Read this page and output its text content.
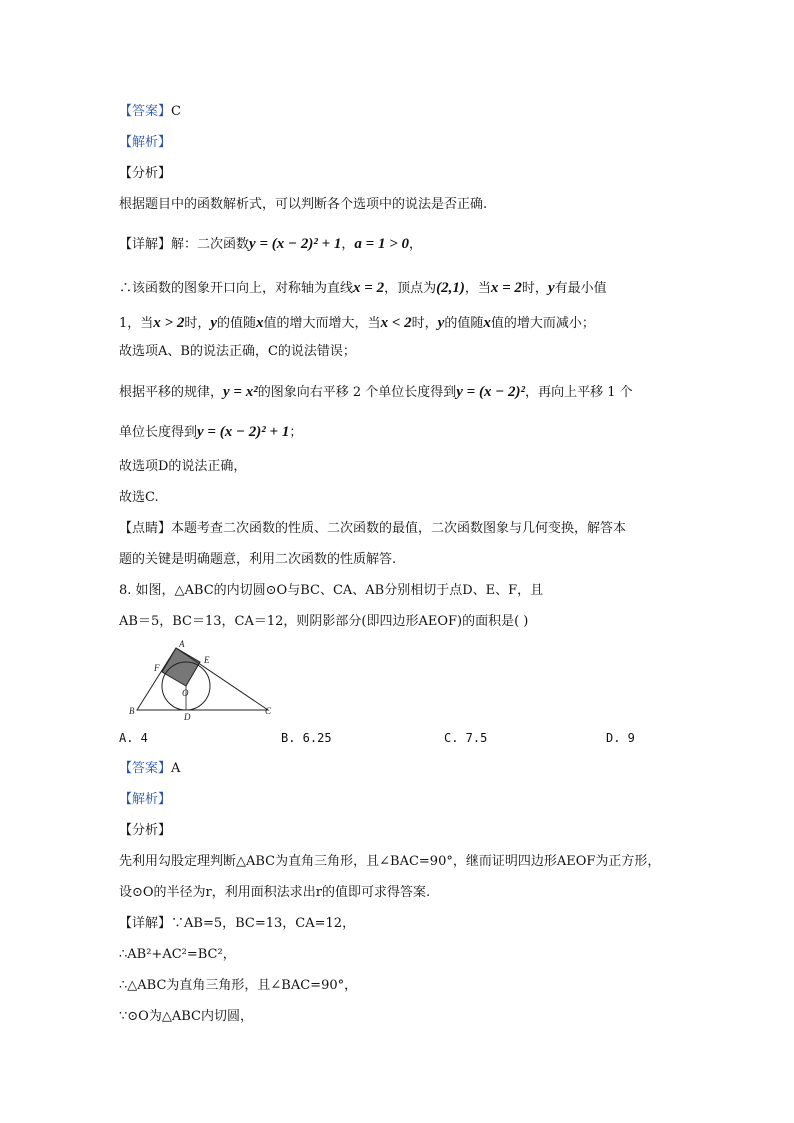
【答案】C
【解析】
【分析】
根据题目中的函数解析式，可以判断各个选项中的说法是否正确.
【详解】解：二次函数y = (x − 2)² + 1，a = 1 > 0，
∴该函数的图象开口向上，对称轴为直线x = 2，顶点为(2,1)，当x = 2时，y有最小值
1，当x > 2时，y的值随x值的增大而增大，当x < 2时，y的值随x值的增大而减小；
故选项A、B的说法正确，C的说法错误；
根据平移的规律，y = x²的图象向右平移 2 个单位长度得到y = (x − 2)²，再向上平移 1 个
单位长度得到y = (x − 2)² + 1；
故选项D的说法正确，
故选C.
【点睛】本题考查二次函数的性质、二次函数的最值，二次函数图象与几何变换，解答本
题的关键是明确题意，利用二次函数的性质解答.
8. 如图，△ABC的内切圆⊙O与BC、CA、AB分别相切于点D、E、F，且
AB＝5，BC＝13，CA＝12，则阴影部分(即四边形AEOF)的面积是( )
A
B	C
D
E
F
O
A. 4	B. 6.25	C. 7.5	D. 9
【答案】A
【解析】
【分析】
先利用勾股定理判断△ABC为直角三角形，且∠BAC=90°，继而证明四边形AEOF为正方形，
设⊙O的半径为r，利用面积法求出r的值即可求得答案.
【详解】∵AB=5，BC=13，CA=12，
∴AB²+AC²=BC²，
∴△ABC为直角三角形，且∠BAC=90°，
∵⊙O为△ABC内切圆，
